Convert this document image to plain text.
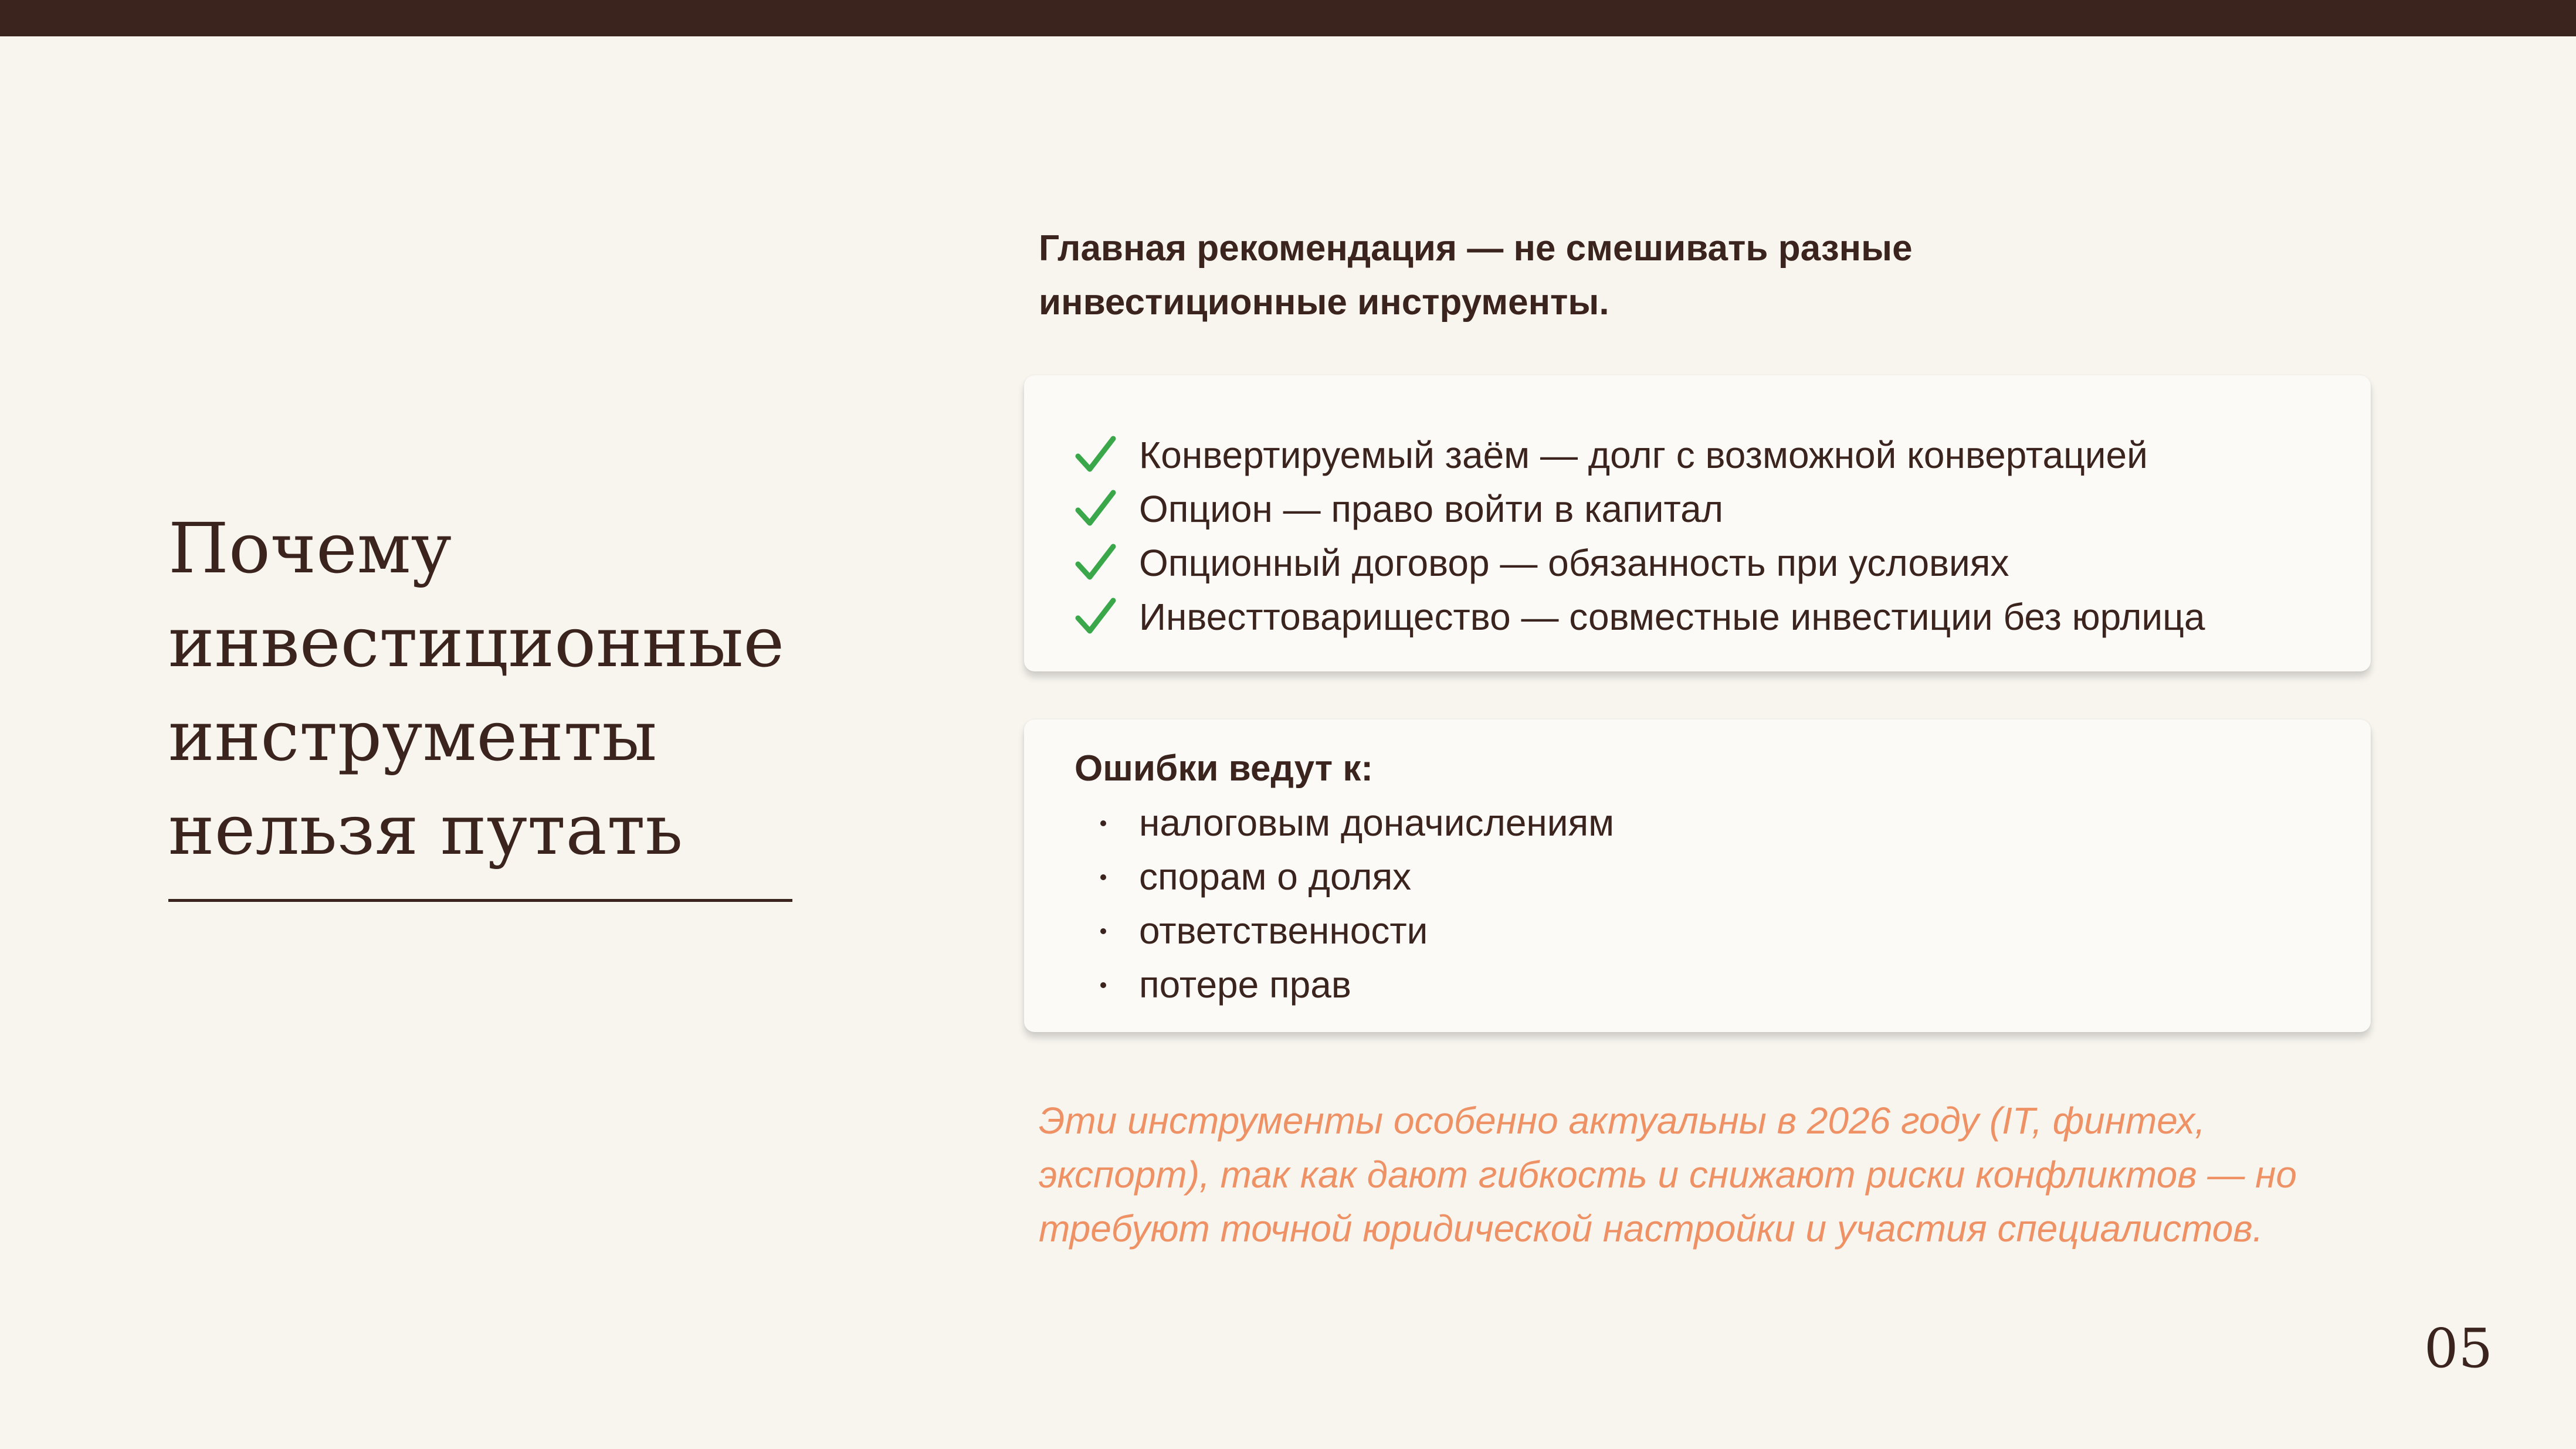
Почему
инвестиционные
инструменты
нельзя путать
Главная рекомендация — не смешивать разные
инвестиционные инструменты.
Конвертируемый заём — долг с возможной конвертацией
Опцион — право войти в капитал
Опционный договор — обязанность при условиях
Инвесттоварищество — совместные инвестиции без юрлица
Ошибки ведут к:
налоговым доначислениям
спорам о долях
ответственности
потере прав
Эти инструменты особенно актуальны в 2026 году (IT, финтех,
экспорт), так как дают гибкость и снижают риски конфликтов — но
требуют точной юридической настройки и участия специалистов.
05
